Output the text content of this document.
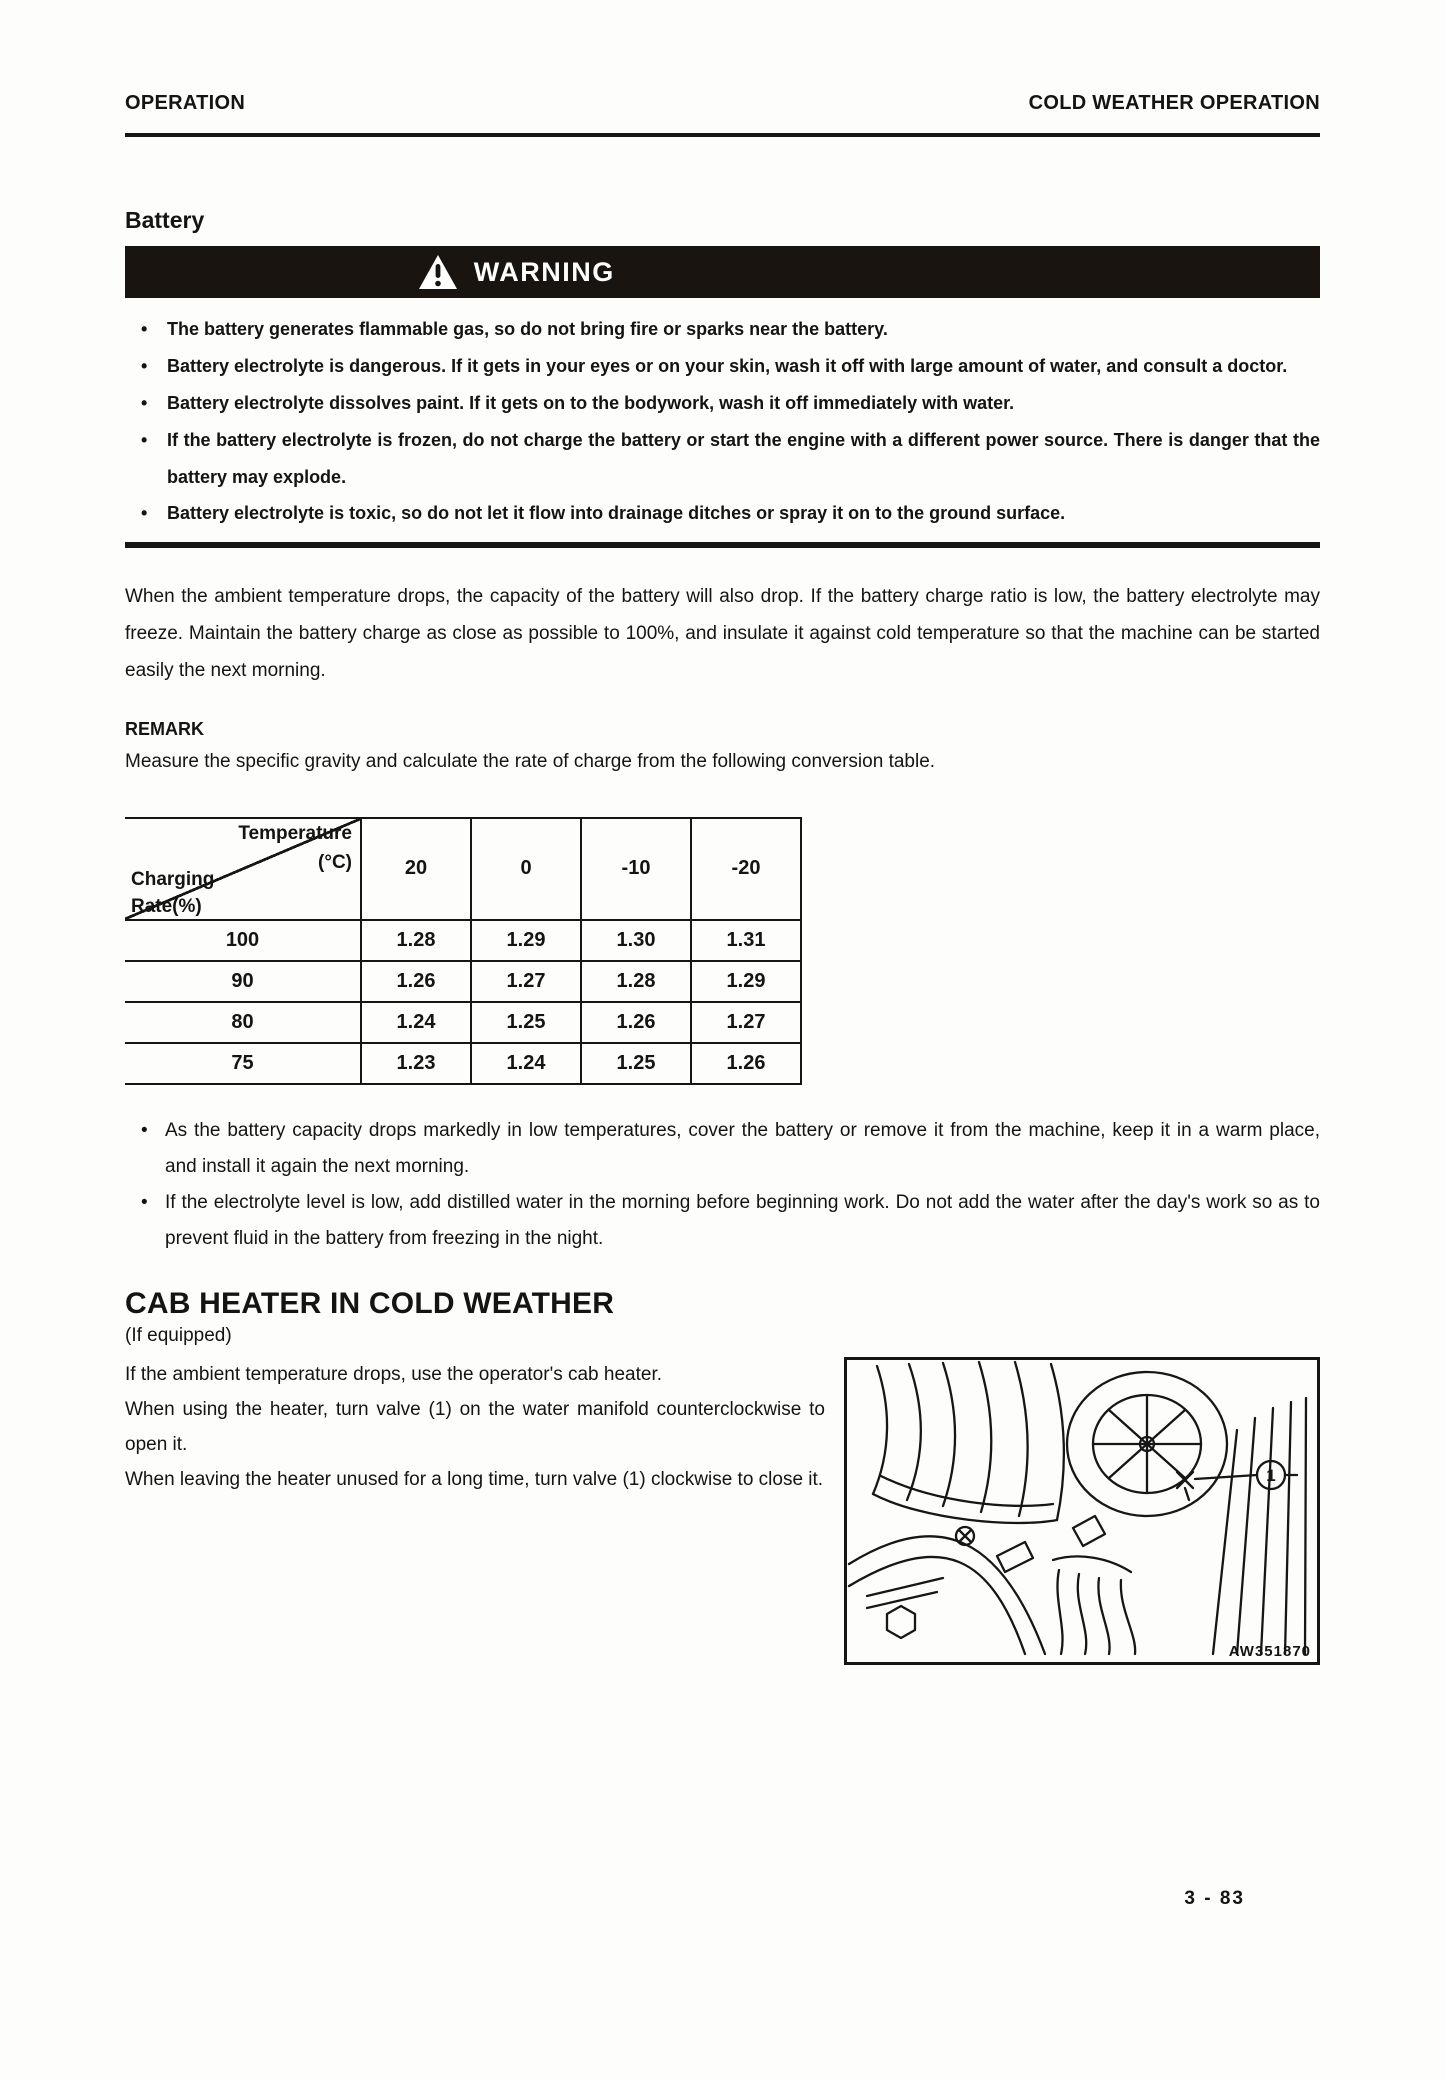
OPERATION	COLD WEATHER OPERATION
Battery
WARNING
• The battery generates flammable gas, so do not bring fire or sparks near the battery.
• Battery electrolyte is dangerous. If it gets in your eyes or on your skin, wash it off with large amount of water, and consult a doctor.
• Battery electrolyte dissolves paint. If it gets on to the bodywork, wash it off immediately with water.
• If the battery electrolyte is frozen, do not charge the battery or start the engine with a different power source. There is danger that the battery may explode.
• Battery electrolyte is toxic, so do not let it flow into drainage ditches or spray it on to the ground surface.

When the ambient temperature drops, the capacity of the battery will also drop. If the battery charge ratio is low, the battery electrolyte may freeze. Maintain the battery charge as close as possible to 100%, and insulate it against cold temperature so that the machine can be started easily the next morning.

REMARK

Measure the specific gravity and calculate the rate of charge from the following conversion table.

Temperature
(°C)
Charging
Rate(%)	20	0	-10	-20
100	1.28	1.29	1.30	1.31
90	1.26	1.27	1.28	1.29
80	1.24	1.25	1.26	1.27
75	1.23	1.24	1.25	1.26
• As the battery capacity drops markedly in low temperatures, cover the battery or remove it from the machine, keep it in a warm place, and install it again the next morning.
• If the electrolyte level is low, add distilled water in the morning before beginning work. Do not add the water after the day's work so as to prevent fluid in the battery from freezing in the night.
CAB HEATER IN COLD WEATHER

(If equipped)

If the ambient temperature drops, use the operator's cab heater.

When using the heater, turn valve (1) on the water manifold counterclockwise to open it.

When leaving the heater unused for a long time, turn valve (1) clockwise to close it.	1
AW351870
3 - 83
